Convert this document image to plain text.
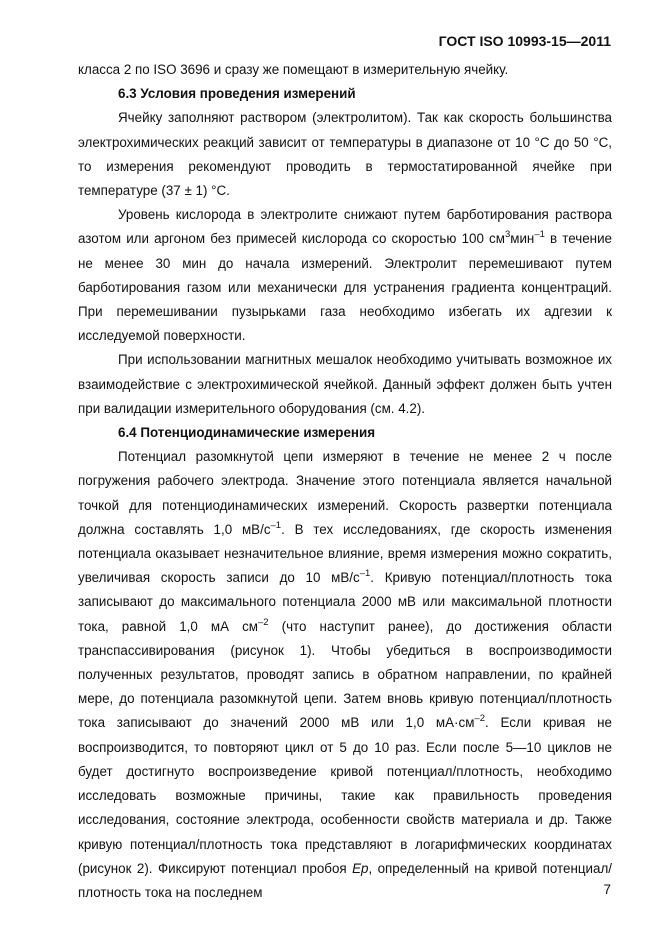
ГОСТ ISO 10993-15—2011

класса 2 по ISO 3696 и сразу же помещают в измерительную ячейку.

6.3 Условия проведения измерений

Ячейку заполняют раствором (электролитом). Так как скорость большинства электрохимических реакций зависит от температуры в диапазоне от 10 °С до 50 °С, то измерения рекомендуют проводить в термостатированной ячейке при температуре (37 ± 1) °С.

Уровень кислорода в электролите снижают путем барботирования раствора азотом или аргоном без примесей кислорода со скоростью 100 $см^3мин^{-1}$ в течение не менее 30 мин до начала измерений. Электролит перемешивают путем барботирования газом или механически для устранения градиента концентраций. При перемешивании пузырьками газа необходимо избегать их адгезии к исследуемой поверхности.

При использовании магнитных мешалок необходимо учитывать возможное их взаимодействие с электрохимической ячейкой. Данный эффект должен быть учтен при валидации измерительного оборудования (см. 4.2).

6.4 Потенциодинамические измерения

Потенциал разомкнутой цепи измеряют в течение не менее 2 ч после погружения рабочего электрода. Значение этого потенциала является начальной точкой для потенциодинамических измерений. Скорость развертки потенциала должна составлять 1,0 $мВ/с^{-1}$. В тех исследованиях, где скорость изменения потенциала оказывает незначительное влияние, время измерения можно сократить, увеличивая скорость записи до 10 $мВ/с^{-1}$. Кривую потенциал/плотность тока записывают до максимального потенциала 2000 мВ или максимальной плотности тока, равной 1,0 мА $см^{-2}$ (что наступит ранее), до достижения области транспассивирования (рисунок 1). Чтобы убедиться в воспроизводимости полученных результатов, проводят запись в обратном направлении, по крайней мере, до потенциала разомкнутой цепи. Затем вновь кривую потенциал/плотность тока записывают до значений 2000 мВ или 1,0 $мА\cdot см^{-2}$. Если кривая не воспроизводится, то повторяют цикл от 5 до 10 раз. Если после 5—10 циклов не будет достигнуто воспроизведение кривой потенциал/плотность, необходимо исследовать возможные причины, такие как правильность проведения исследования, состояние электрода, особенности свойств материала и др. Также кривую потенциал/плотность тока представляют в логарифмических координатах (рисунок 2). Фиксируют потенциал пробоя Ep, определенный на кривой потенциал/плотность тока на последнем	7
